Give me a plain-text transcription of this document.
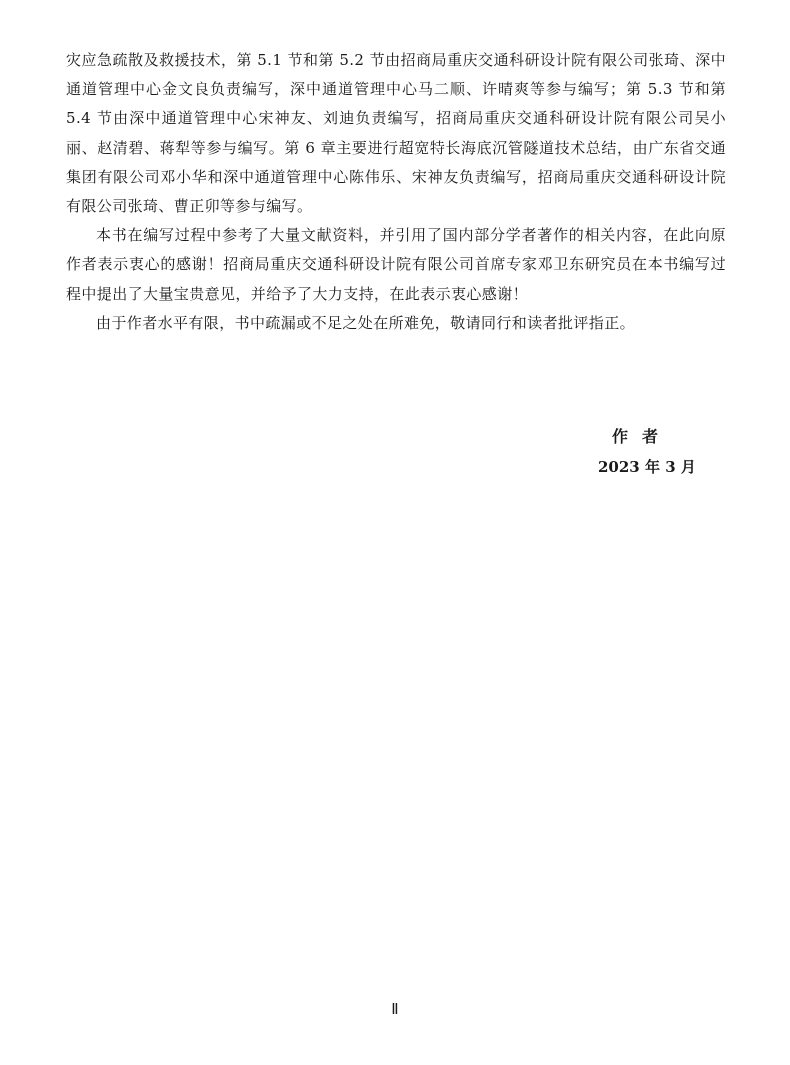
灾应急疏散及救援技术，第 5.1 节和第 5.2 节由招商局重庆交通科研设计院有限公司张琦、深中通道管理中心金文良负责编写，深中通道管理中心马二顺、许晴爽等参与编写；第 5.3 节和第 5.4 节由深中通道管理中心宋神友、刘迪负责编写，招商局重庆交通科研设计院有限公司吴小丽、赵清碧、蒋犁等参与编写。第 6 章主要进行超宽特长海底沉管隧道技术总结，由广东省交通集团有限公司邓小华和深中通道管理中心陈伟乐、宋神友负责编写，招商局重庆交通科研设计院有限公司张琦、曹正卯等参与编写。

本书在编写过程中参考了大量文献资料，并引用了国内部分学者著作的相关内容，在此向原作者表示衷心的感谢！招商局重庆交通科研设计院有限公司首席专家邓卫东研究员在本书编写过程中提出了大量宝贵意见，并给予了大力支持，在此表示衷心感谢！

由于作者水平有限，书中疏漏或不足之处在所难免，敬请同行和读者批评指正。

作者
2023 年 3 月
Ⅱ
